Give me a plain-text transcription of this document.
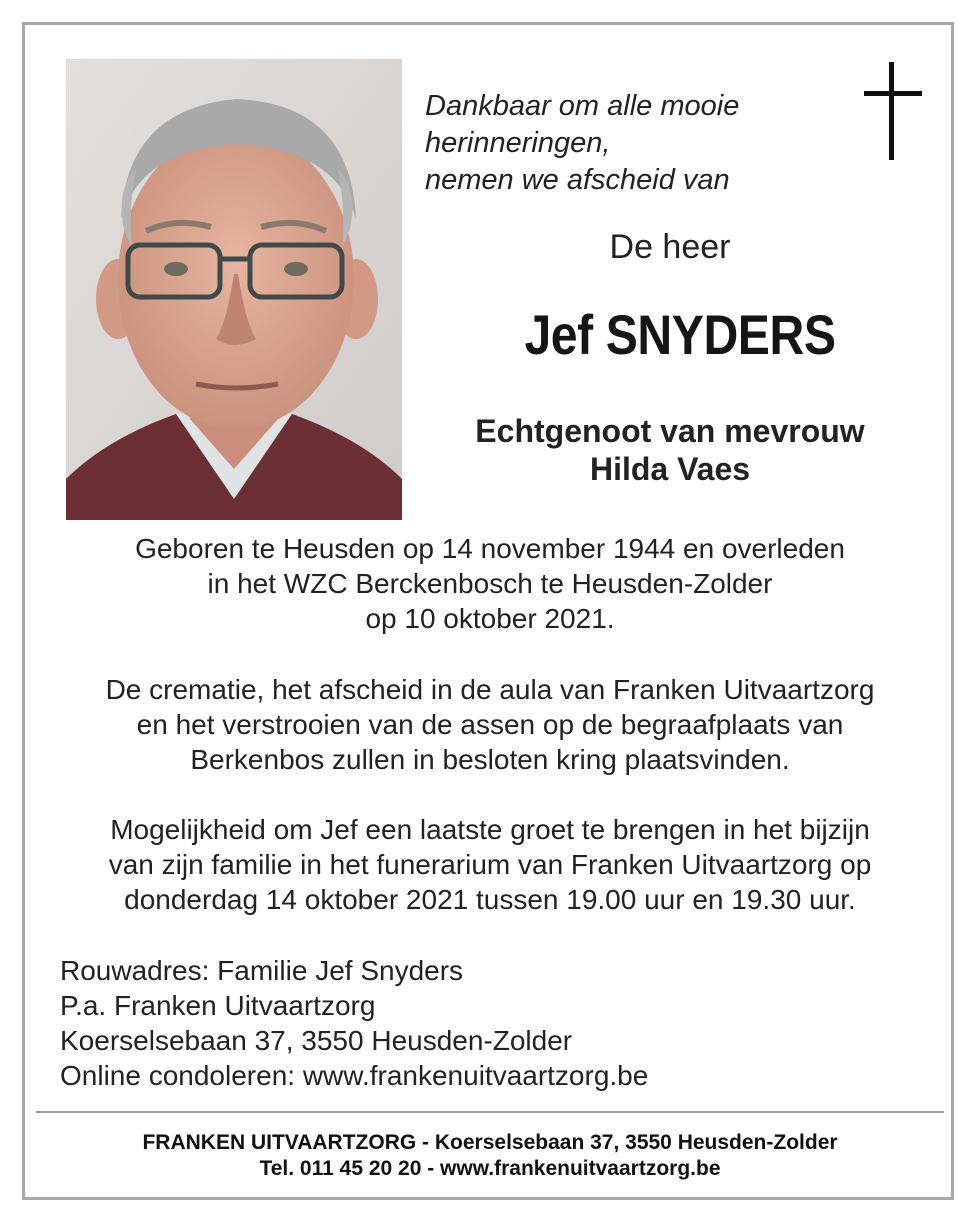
Dankbaar om alle mooie
herinneringen,
nemen we afscheid van
De heer
Jef SNYDERS
Echtgenoot van mevrouw
Hilda Vaes
Geboren te Heusden op 14 november 1944 en overleden
in het WZC Berckenbosch te Heusden-Zolder
op 10 oktober 2021.
De crematie, het afscheid in de aula van Franken Uitvaartzorg
en het verstrooien van de assen op de begraafplaats van
Berkenbos zullen in besloten kring plaatsvinden.
Mogelijkheid om Jef een laatste groet te brengen in het bijzijn
van zijn familie in het funerarium van Franken Uitvaartzorg op
donderdag 14 oktober 2021 tussen 19.00 uur en 19.30 uur.
Rouwadres: Familie Jef Snyders
P.a. Franken Uitvaartzorg
Koerselsebaan 37, 3550 Heusden-Zolder
Online condoleren: www.frankenuitvaartzorg.be
FRANKEN UITVAARTZORG - Koerselsebaan 37, 3550 Heusden-Zolder
Tel. 011 45 20 20 - www.frankenuitvaartzorg.be
